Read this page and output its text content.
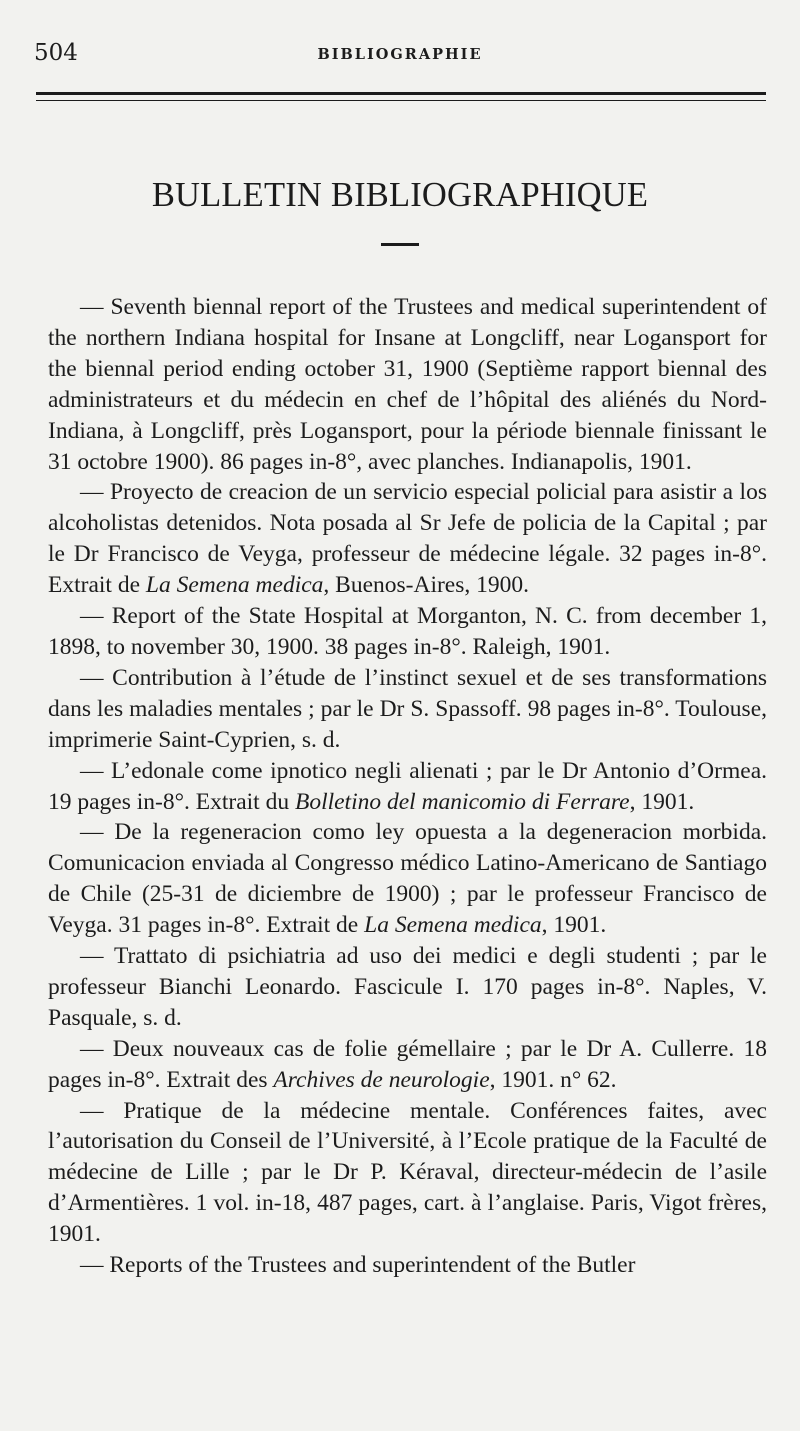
504	BIBLIOGRAPHIE
BULLETIN BIBLIOGRAPHIQUE

— Seventh biennal report of the Trustees and medical superintendent of the northern Indiana hospital for Insane at Longcliff, near Logansport for the biennal period ending october 31, 1900 (Septième rapport biennal des administrateurs et du médecin en chef de l’hôpital des aliénés du Nord-Indiana, à Longcliff, près Logansport, pour la période biennale finissant le 31 octobre 1900). 86 pages in-8°, avec planches. Indianapolis, 1901.

— Proyecto de creacion de un servicio especial policial para asistir a los alcoholistas detenidos. Nota posada al Sr Jefe de policia de la Capital ; par le Dr Francisco de Veyga, professeur de médecine légale. 32 pages in-8°. Extrait de La Semena medica, Buenos-Aires, 1900.

— Report of the State Hospital at Morganton, N. C. from december 1, 1898, to november 30, 1900. 38 pages in-8°. Raleigh, 1901.

— Contribution à l’étude de l’instinct sexuel et de ses transformations dans les maladies mentales ; par le Dr S. Spassoff. 98 pages in-8°. Toulouse, imprimerie Saint-Cyprien, s. d.

— L’edonale come ipnotico negli alienati ; par le Dr Antonio d’Ormea. 19 pages in-8°. Extrait du Bolletino del manicomio di Ferrare, 1901.

— De la regeneracion como ley opuesta a la degeneracion morbida. Comunicacion enviada al Congresso médico Latino-Americano de Santiago de Chile (25-31 de diciembre de 1900) ; par le professeur Francisco de Veyga. 31 pages in-8°. Extrait de La Semena medica, 1901.

— Trattato di psichiatria ad uso dei medici e degli studenti ; par le professeur Bianchi Leonardo. Fascicule I. 170 pages in-8°. Naples, V. Pasquale, s. d.

— Deux nouveaux cas de folie gémellaire ; par le Dr A. Cullerre. 18 pages in-8°. Extrait des Archives de neurologie, 1901. n° 62.

— Pratique de la médecine mentale. Conférences faites, avec l’autorisation du Conseil de l’Université, à l’Ecole pratique de la Faculté de médecine de Lille ; par le Dr P. Kéraval, directeur-médecin de l’asile d’Armentières. 1 vol. in-18, 487 pages, cart. à l’anglaise. Paris, Vigot frères, 1901.

— Reports of the Trustees and superintendent of the Butler
